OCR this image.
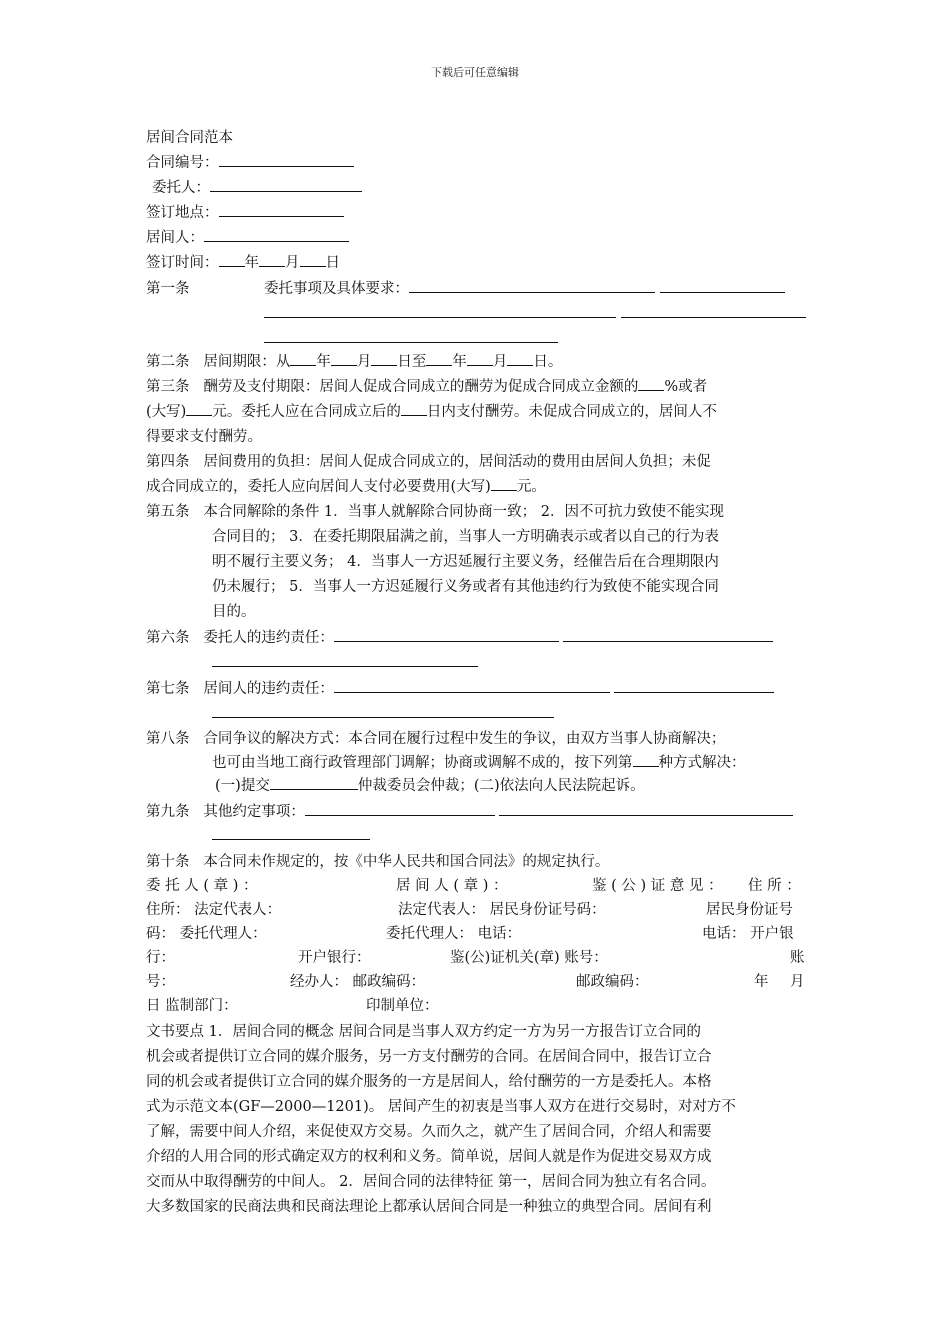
下载后可任意编辑
居间合同范本
合同编号：
委托人：
签订地点：
居间人：
签订时间： 年 月 日
第一条	委托事项及具体要求：

第二条 居间期限：从 年 月 日至 年 月 日。
第三条 酬劳及支付期限：居间人促成合同成立的酬劳为促成合同成立金额的 %或者
(大写) 元。委托人应在合同成立后的 日内支付酬劳。未促成合同成立的，居间人不
得要求支付酬劳。
第四条 居间费用的负担：居间人促成合同成立的，居间活动的费用由居间人负担；未促
成合同成立的，委托人应向居间人支付必要费用(大写) 元。
第五条 本合同解除的条件 1．当事人就解除合同协商一致； 2．因不可抗力致使不能实现
合同目的； 3．在委托期限届满之前，当事人一方明确表示或者以自己的行为表
明不履行主要义务； 4．当事人一方迟延履行主要义务，经催告后在合理期限内
仍未履行； 5．当事人一方迟延履行义务或者有其他违约行为致使不能实现合同
目的。
第六条 委托人的违约责任：
第七条 居间人的违约责任：
第八条 合同争议的解决方式：本合同在履行过程中发生的争议，由双方当事人协商解决；
也可由当地工商行政管理部门调解；协商或调解不成的，按下列第 种方式解决：
(一)提交	仲裁委员会仲裁；(二)依法向人民法院起诉。
第九条 其他约定事项：
第十条 本合同未作规定的，按《中华人民共和国合同法》的规定执行。
委 托 人 ( 章 ) ：	居 间 人 ( 章 ) ：	鉴 ( 公 ) 证 意 见 ： 住 所 ：
住所： 法定代表人：	法定代表人： 居民身份证号码：	居民身份证号
码： 委托代理人：	委托代理人： 电话：	电话： 开户银
行：	开户银行：	鉴(公)证机关(章) 账号：	账
号：	经办人： 邮政编码：	邮政编码：	年 月
日 监制部门：	印制单位：
文书要点 1．居间合同的概念 居间合同是当事人双方约定一方为另一方报告订立合同的
机会或者提供订立合同的媒介服务，另一方支付酬劳的合同。在居间合同中，报告订立合
同的机会或者提供订立合同的媒介服务的一方是居间人，给付酬劳的一方是委托人。本格
式为示范文本(GF—2000—1201)。 居间产生的初衷是当事人双方在进行交易时，对对方不
了解，需要中间人介绍，来促使双方交易。久而久之，就产生了居间合同，介绍人和需要
介绍的人用合同的形式确定双方的权利和义务。简单说，居间人就是作为促进交易双方成
交而从中取得酬劳的中间人。 2．居间合同的法律特征 第一，居间合同为独立有名合同。
大多数国家的民商法典和民商法理论上都承认居间合同是一种独立的典型合同。居间有利
